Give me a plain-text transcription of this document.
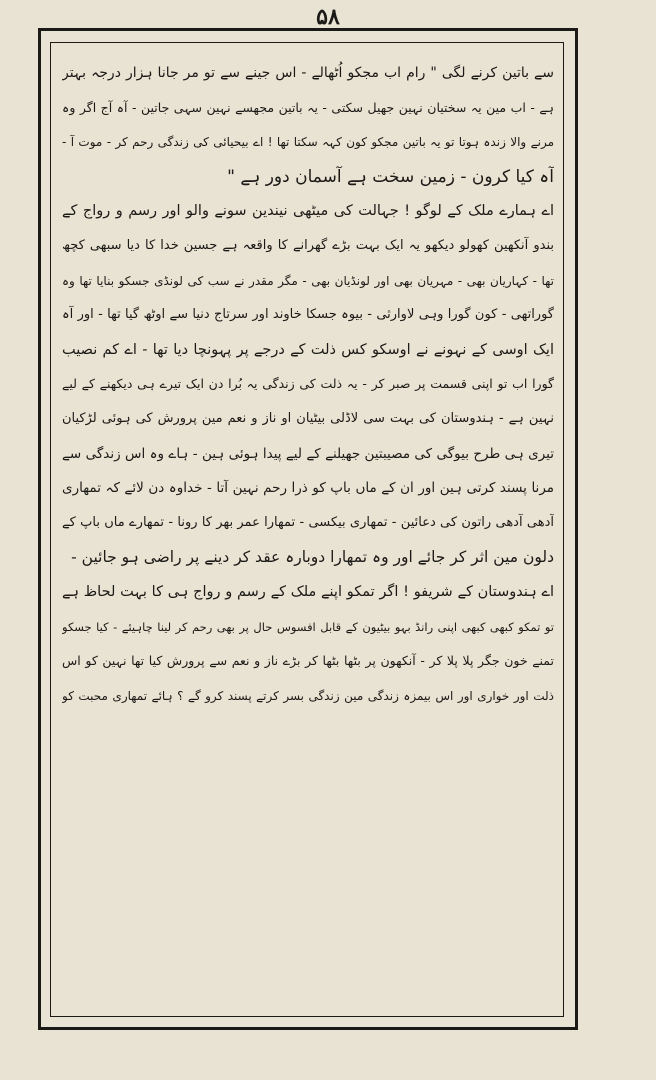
۵۸
سے باتین کرنے لگی " رام اب مجکو اُٹھالے - اس جینے سے تو مر جانا ہزار درجہ بہتر
ہے - اب مین یہ سختیان نہین جھیل سکتی - یہ باتین مجھسے نہین سہی جاتین - آہ آج اگر وہ
مرنے والا زندہ ہوتا تو یہ باتین مجکو کون کہہ سکتا تھا ! اے بیحیائی کی زندگی رحم کر - موت آ -
آہ کیا کرون - زمین سخت ہے آسمان دور ہے "
اے ہمارے ملک کے لوگو ! جہالت کی میٹھی نیندین سونے والو اور رسم و رواج کے
بندو آنکھین کھولو دیکھو یہ ایک بہت بڑے گھرانے کا واقعہ ہے جسین خدا کا دیا سبھی کچھ
تھا - کہاریان بھی - مہریان بھی اور لونڈیان بھی - مگر مقدر نے سب کی لونڈی جسکو بنایا تھا وہ
گوراتھی - کون گورا وہی لاوارثی - بیوہ جسکا خاوند اور سرتاج دنیا سے اوٹھ گیا تھا - اور آہ
ایک اوسی کے نہونے نے اوسکو کس ذلت کے درجے پر پہونچا دیا تھا - اے کم نصیب
گورا اب تو اپنی قسمت پر صبر کر - یہ ذلت کی زندگی یہ بُرا دن ایک تیرے ہی دیکھنے کے لیے
نہین ہے - ہندوستان کی بہت سی لاڈلی بیٹیان او ناز و نعم مین پرورش کی ہوئی لڑکیان
تیری ہی طرح بیوگی کی مصیبتین جھیلنے کے لیے پیدا ہوئی ہین - ہاے وہ اس زندگی سے
مرنا پسند کرتی ہین اور ان کے ماں باپ کو ذرا رحم نہین آتا - خداوہ دن لائے کہ تمھاری
آدھی آدھی راتون کی دعائین - تمھاری بیکسی - تمھارا عمر بھر کا رونا - تمھارے ماں باپ کے
دلون مین اثر کر جائے اور وہ تمھارا دوبارہ عقد کر دینے پر راضی ہو جائین -
اے ہندوستان کے شریفو ! اگر تمکو اپنے ملک کے رسم و رواج ہی کا بہت لحاظ ہے
تو تمکو کبھی کبھی اپنی رانڈ بہو بیٹیون کے قابل افسوس حال پر بھی رحم کر لینا چاہیئے - کیا جسکو
تمنے خون جگر پلا پلا کر - آنکھون پر بٹھا بٹھا کر بڑے ناز و نعم سے پرورش کیا تھا نہین کو اس
ذلت اور خواری اور اس بیمزہ زندگی مین زندگی بسر کرتے پسند کرو گے ؟ ہائے تمھاری محبت کو
